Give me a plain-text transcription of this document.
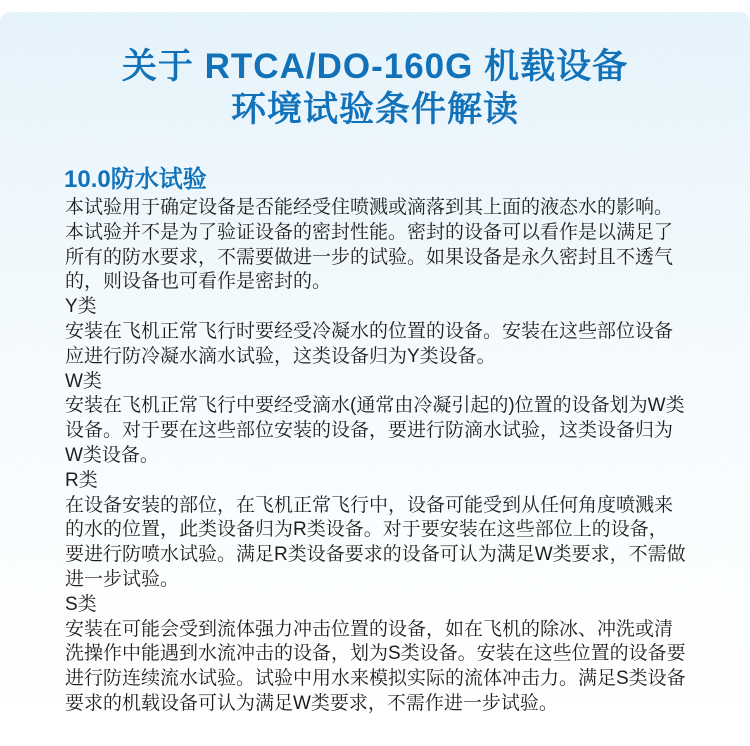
关于 RTCA/DO-160G 机载设备
环境试验条件解读
10.0防水试验
本试验用于确定设备是否能经受住喷溅或滴落到其上面的液态水的影响。
本试验并不是为了验证设备的密封性能。密封的设备可以看作是以满足了
所有的防水要求，不需要做进一步的试验。如果设备是永久密封且不透气
的，则设备也可看作是密封的。
Y类
安装在飞机正常飞行时要经受冷凝水的位置的设备。安装在这些部位设备
应进行防冷凝水滴水试验，这类设备归为Y类设备。
W类
安装在飞机正常飞行中要经受滴水(通常由冷凝引起的)位置的设备划为W类
设备。对于要在这些部位安装的设备，要进行防滴水试验，这类设备归为
W类设备。
R类
在设备安装的部位，在飞机正常飞行中，设备可能受到从任何角度喷溅来
的水的位置，此类设备归为R类设备。对于要安装在这些部位上的设备，
要进行防喷水试验。满足R类设备要求的设备可认为满足W类要求，不需做
进一步试验。
S类
安装在可能会受到流体强力冲击位置的设备，如在飞机的除冰、冲洗或清
洗操作中能遇到水流冲击的设备，划为S类设备。安装在这些位置的设备要
进行防连续流水试验。试验中用水来模拟实际的流体冲击力。满足S类设备
要求的机载设备可认为满足W类要求，不需作进一步试验。
